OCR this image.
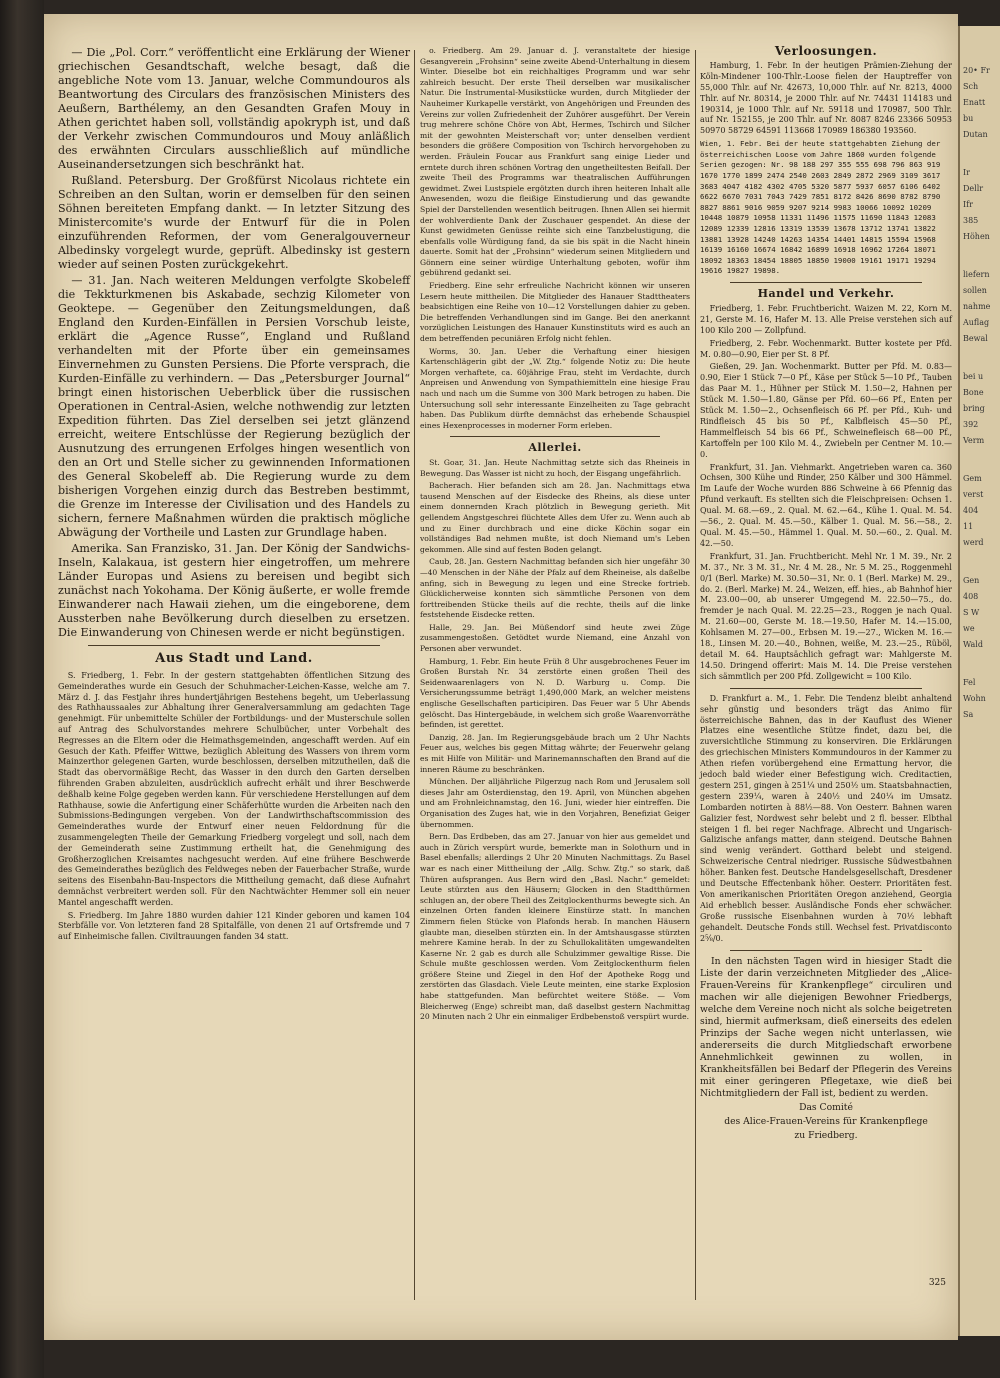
20• Fr
Sch
Enatt
bu
Dutan
Ir
Dellr
Ifr
385
Höhen
liefern
sollen
nahme
Auflag
Bewal
bei u
Bone
bring
392
Verm
Gem
verst
404
11
werd
Gen
408
S W
we
Wald
Fel
Wohn
Sa

— Die „Pol. Corr.“ veröffentlicht eine Erklärung der Wiener griechischen Gesandtschaft, welche besagt, daß die angebliche Note vom 13. Januar, welche Commundouros als Beantwortung des Circulars des französischen Ministers des Aeußern, Barthélemy, an den Gesandten Grafen Mouy in Athen gerichtet haben soll, vollständig apokryph ist, und daß der Verkehr zwischen Commundouros und Mouy anläßlich des erwähnten Circulars ausschließlich auf mündliche Auseinandersetzungen sich beschränkt hat.

Rußland. Petersburg. Der Großfürst Nicolaus richtete ein Schreiben an den Sultan, worin er demselben für den seinen Söhnen bereiteten Empfang dankt. — In letzter Sitzung des Ministercomite's wurde der Entwurf für die in Polen einzuführenden Reformen, der vom Generalgouverneur Albedinsky vorgelegt wurde, geprüft. Albedinsky ist gestern wieder auf seinen Posten zurückgekehrt.

— 31. Jan. Nach weiteren Meldungen verfolgte Skobeleff die Tekkturkmenen bis Askabade, sechzig Kilometer von Geoktepe. — Gegenüber den Zeitungsmeldungen, daß England den Kurden-Einfällen in Persien Vorschub leiste, erklärt die „Agence Russe“, England und Rußland verhandelten mit der Pforte über ein gemeinsames Einvernehmen zu Gunsten Persiens. Die Pforte versprach, die Kurden-Einfälle zu verhindern. — Das „Petersburger Journal“ bringt einen historischen Ueberblick über die russischen Operationen in Central-Asien, welche nothwendig zur letzten Expedition führten. Das Ziel derselben sei jetzt glänzend erreicht, weitere Entschlüsse der Regierung bezüglich der Ausnutzung des errungenen Erfolges hingen wesentlich von den an Ort und Stelle sicher zu gewinnenden Informationen des General Skobeleff ab. Die Regierung wurde zu dem bisherigen Vorgehen einzig durch das Bestreben bestimmt, die Grenze im Interesse der Civilisation und des Handels zu sichern, fernere Maßnahmen würden die praktisch mögliche Abwägung der Vortheile und Lasten zur Grundlage haben.

Amerika. San Franzisko, 31. Jan. Der König der Sandwichs-Inseln, Kalakaua, ist gestern hier eingetroffen, um mehrere Länder Europas und Asiens zu bereisen und begibt sich zunächst nach Yokohama. Der König äußerte, er wolle fremde Einwanderer nach Hawaii ziehen, um die eingeborene, dem Aussterben nahe Bevölkerung durch dieselben zu ersetzen. Die Einwanderung von Chinesen werde er nicht begünstigen.

Aus Stadt und Land.

S. Friedberg, 1. Febr. In der gestern stattgehabten öffentlichen Sitzung des Gemeinderathes wurde ein Gesuch der Schuhmacher-Leichen-Kasse, welche am 7. März d. J. das Festjahr ihres hundertjährigen Bestehens begeht, um Ueberlassung des Rathhaussaales zur Abhaltung ihrer Generalversammlung am gedachten Tage genehmigt. Für unbemittelte Schüler der Fortbildungs- und der Musterschule sollen auf Antrag des Schulvorstandes mehrere Schulbücher, unter Vorbehalt des Regresses an die Eltern oder die Heimathsgemeinden, angeschafft werden. Auf ein Gesuch der Kath. Pfeiffer Wittwe, bezüglich Ableitung des Wassers von ihrem vorm Mainzerthor gelegenen Garten, wurde beschlossen, derselben mitzutheilen, daß die Stadt das obervormäßige Recht, das Wasser in den durch den Garten derselben führenden Graben abzuleiten, ausdrücklich aufrecht erhält und ihrer Beschwerde deßhalb keine Folge gegeben werden kann. Für verschiedene Herstellungen auf dem Rathhause, sowie die Anfertigung einer Schäferhütte wurden die Arbeiten nach den Submissions-Bedingungen vergeben. Von der Landwirthschaftscommission des Gemeinderathes wurde der Entwurf einer neuen Feldordnung für die zusammengelegten Theile der Gemarkung Friedberg vorgelegt und soll, nach dem der Gemeinderath seine Zustimmung ertheilt hat, die Genehmigung des Großherzoglichen Kreisamtes nachgesucht werden. Auf eine frühere Beschwerde des Gemeinderathes bezüglich des Feldweges neben der Fauerbacher Straße, wurde seitens des Eisenbahn-Bau-Inspectors die Mittheilung gemacht, daß diese Aufnahrt demnächst verbreitert werden soll. Für den Nachtwächter Hemmer soll ein neuer Mantel angeschafft werden.

S. Friedberg. Im Jahre 1880 wurden dahier 121 Kinder geboren und kamen 104 Sterbfälle vor. Von letzteren fand 28 Spitalfälle, von denen 21 auf Ortsfremde und 7 auf Einheimische fallen. Civiltrauungen fanden 34 statt.

o. Friedberg. Am 29. Januar d. J. veranstaltete der hiesige Gesangverein „Frohsinn“ seine zweite Abend-Unterhaltung in diesem Winter. Dieselbe bot ein reichhaltiges Programm und war sehr zahlreich besucht. Der erste Theil derselben war musikalischer Natur. Die Instrumental-Musikstücke wurden, durch Mitglieder der Nauheimer Kurkapelle verstärkt, von Angehörigen und Freunden des Vereins zur vollen Zufriedenheit der Zuhörer ausgeführt. Der Verein trug mehrere schöne Chöre von Abt, Hermes, Tschirch und Silcher mit der gewohnten Meisterschaft vor; unter denselben verdient besonders die größere Composition von Tschirch hervorgehoben zu werden. Fräulein Foucar aus Frankfurt sang einige Lieder und erntete durch ihren schönen Vortrag den ungetheiltesten Beifall. Der zweite Theil des Programms war theatralischen Aufführungen gewidmet. Zwei Lustspiele ergötzten durch ihren heiteren Inhalt alle Anwesenden, wozu die fleißige Einstudierung und das gewandte Spiel der Darstellenden wesentlich beitrugen. Ihnen Allen sei hiermit der wohlverdiente Dank der Zuschauer gespendet. An diese der Kunst gewidmeten Genüsse reihte sich eine Tanzbelustigung, die ebenfalls volle Würdigung fand, da sie bis spät in die Nacht hinein dauerte. Somit hat der „Frohsinn“ wiederum seinen Mitgliedern und Gönnern eine seiner würdige Unterhaltung geboten, wofür ihm gebührend gedankt sei.

Friedberg. Eine sehr erfreuliche Nachricht können wir unseren Lesern heute mittheilen. Die Mitglieder des Hanauer Stadttheaters beabsichtigen eine Reihe von 10—12 Vorstellungen dahier zu geben. Die betreffenden Verhandlungen sind im Gange. Bei den anerkannt vorzüglichen Leistungen des Hanauer Kunstinstituts wird es auch an dem betreffenden pecuniären Erfolg nicht fehlen.

Worms, 30. Jan. Ueber die Verhaftung einer hiesigen Kartenschlägerin gibt der „W. Ztg.“ folgende Notiz zu: Die heute Morgen verhaftete, ca. 60jährige Frau, steht im Verdachte, durch Anpreisen und Anwendung von Sympathiemitteln eine hiesige Frau nach und nach um die Summe von 300 Mark betrogen zu haben. Die Untersuchung soll sehr interessante Einzelheiten zu Tage gebracht haben. Das Publikum dürfte demnächst das erhebende Schauspiel eines Hexenprocesses in moderner Form erleben.

Allerlei.

St. Goar, 31. Jan. Heute Nachmittag setzte sich das Rheineis in Bewegung. Das Wasser ist nicht zu hoch, der Eisgang ungefährlich.

Bacherach. Hier befanden sich am 28. Jan. Nachmittags etwa tausend Menschen auf der Eisdecke des Rheins, als diese unter einem donnernden Krach plötzlich in Bewegung gerieth. Mit gellendem Angstgeschrei flüchtete Alles dem Ufer zu. Wenn auch ab und zu Einer durchbrach und eine dicke Köchin sogar ein vollständiges Bad nehmen mußte, ist doch Niemand um's Leben gekommen. Alle sind auf festen Boden gelangt.

Caub, 28. Jan. Gestern Nachmittag befanden sich hier ungefähr 30—40 Menschen in der Nähe der Pfalz auf dem Rheineise, als daßelbe anfing, sich in Bewegung zu legen und eine Strecke fortrieb. Glücklicherweise konnten sich sämmtliche Personen von dem forttreibenden Stücke theils auf die rechte, theils auf die linke feststehende Eisdecke retten.

Halle, 29. Jan. Bei Müßendorf sind heute zwei Züge zusammengestoßen. Getödtet wurde Niemand, eine Anzahl von Personen aber verwundet.

Hamburg, 1. Febr. Ein heute Früh 8 Uhr ausgebrochenes Feuer im Großen Burstah Nr. 34 zerstörte einen großen Theil des Seidenwaarenlagers von N. D. Warburg u. Comp. Die Versicherungssumme beträgt 1,490,000 Mark, an welcher meistens englische Gesellschaften participiren. Das Feuer war 5 Uhr Abends gelöscht. Das Hintergebäude, in welchem sich große Waarenvorräthe befinden, ist gerettet.

Danzig, 28. Jan. Im Regierungsgebäude brach um 2 Uhr Nachts Feuer aus, welches bis gegen Mittag währte; der Feuerwehr gelang es mit Hilfe von Militär- und Marinemannschaften den Brand auf die inneren Räume zu beschränken.

München. Der alljährliche Pilgerzug nach Rom und Jerusalem soll dieses Jahr am Osterdienstag, den 19. April, von München abgehen und am Frohnleichnamstag, den 16. Juni, wieder hier eintreffen. Die Organisation des Zuges hat, wie in den Vorjahren, Benefiziat Geiger übernommen.

Bern. Das Erdbeben, das am 27. Januar von hier aus gemeldet und auch in Zürich verspürt wurde, bemerkte man in Solothurn und in Basel ebenfalls; allerdings 2 Uhr 20 Minuten Nachmittags. Zu Basel war es nach einer Mittheilung der „Allg. Schw. Ztg.“ so stark, daß Thüren aufsprangen. Aus Bern wird den „Basl. Nachr.“ gemeldet: Leute stürzten aus den Häusern; Glocken in den Stadtthürmen schlugen an, der obere Theil des Zeitglockenthurms bewegte sich. An einzelnen Orten fanden kleinere Einstürze statt. In manchen Zimmern fielen Stücke von Plafonds herab. In manchen Häusern glaubte man, dieselben stürzten ein. In der Amtshausgasse stürzten mehrere Kamine herab. In der zu Schullokalitäten umgewandelten Kaserne Nr. 2 gab es durch alle Schulzimmer gewaltige Risse. Die Schule mußte geschlossen werden. Vom Zeitglockenthurm fielen größere Steine und Ziegel in den Hof der Apotheke Rogg und zerstörten das Glasdach. Viele Leute meinten, eine starke Explosion habe stattgefunden. Man befürchtet weitere Stöße. — Vom Bleicherweg (Enge) schreibt man, daß daselbst gestern Nachmittag 20 Minuten nach 2 Uhr ein einmaliger Erdbebenstoß verspürt wurde.

Verloosungen.

Hamburg, 1. Febr. In der heutigen Prämien-Ziehung der Köln-Mindener 100-Thlr.-Loose fielen der Hauptreffer von 55,000 Thlr. auf Nr. 42673, 10,000 Thlr. auf Nr. 8213, 4000 Thlr. auf Nr. 80314, je 2000 Thlr. auf Nr. 74431 114183 und 190314, je 1000 Thlr. auf Nr. 59118 und 170987, 500 Thlr. auf Nr. 152155, je 200 Thlr. auf Nr. 8087 8246 23366 50953 50970 58729 64591 113668 170989 186380 193560.

Wien, 1. Febr. Bei der heute stattgehabten Ziehung der österreichischen Loose vom Jahre 1860 wurden folgende Serien gezogen: Nr. 98 188 297 355 555 698 796 863 919 1670 1770 1899 2474 2540 2603 2849 2872 2969 3109 3617 3683 4047 4182 4302 4705 5320 5877 5937 6057 6106 6402 6622 6670 7031 7043 7429 7851 8172 8426 8690 8782 8790 8827 8861 9016 9059 9207 9214 9983 10066 10092 10209 10448 10879 10958 11331 11496 11575 11690 11843 12083 12089 12339 12816 13319 13539 13678 13712 13741 13822 13881 13928 14240 14263 14354 14401 14815 15594 15968 16139 16160 16674 16842 16899 16918 16962 17264 18071 18092 18363 18454 18805 18850 19000 19161 19171 19294 19616 19827 19898.

Handel und Verkehr.

Friedberg, 1. Febr. Fruchtbericht. Waizen M. 22, Korn M. 21, Gerste M. 16, Hafer M. 13. Alle Preise verstehen sich auf 100 Kilo 200 — Zollpfund.

Friedberg, 2. Febr. Wochenmarkt. Butter kostete per Pfd. M. 0.80—0.90, Eier per St. 8 Pf.

Gießen, 29. Jan. Wochenmarkt. Butter per Pfd. M. 0.83—0.90, Eier 1 Stück 7—0 Pf., Käse per Stück 5—10 Pf., Tauben das Paar M. 1., Hühner per Stück M. 1.50—2, Hahnen per Stück M. 1.50—1.80, Gänse per Pfd. 60—66 Pf., Enten per Stück M. 1.50—2., Ochsenfleisch 66 Pf. per Pfd., Kuh- und Rindfleisch 45 bis 50 Pf., Kalbfleisch 45—50 Pf., Hammelfleisch 54 bis 66 Pf., Schweinefleisch 68—00 Pf., Kartoffeln per 100 Kilo M. 4., Zwiebeln per Centner M. 10.—0.

Frankfurt, 31. Jan. Viehmarkt. Angetrieben waren ca. 360 Ochsen, 300 Kühe und Rinder, 250 Kälber und 300 Hämmel. Im Laufe der Woche wurden 886 Schweine à 66 Pfennig das Pfund verkauft. Es stellten sich die Fleischpreisen: Ochsen 1. Qual. M. 68.—69., 2. Qual. M. 62.—64., Kühe 1. Qual. M. 54.—56., 2. Qual. M. 45.—50., Kälber 1. Qual. M. 56.—58., 2. Qual. M. 45.—50., Hämmel 1. Qual. M. 50.—60., 2. Qual. M. 42.—50.

Frankfurt, 31. Jan. Fruchtbericht. Mehl Nr. 1 M. 39., Nr. 2 M. 37., Nr. 3 M. 31., Nr. 4 M. 28., Nr. 5 M. 25., Roggenmehl 0/1 (Berl. Marke) M. 30.50—31, Nr. 0. 1 (Berl. Marke) M. 29., do. 2. (Berl. Marke) M. 24., Weizen, eff. hies., ab Bahnhof hier M. 23.00—00, ab unserer Umgegend M. 22.50—75., do. fremder je nach Qual. M. 22.25—23., Roggen je nach Qual. M. 21.60—00, Gerste M. 18.—19.50, Hafer M. 14.—15.00, Kohlsamen M. 27—00., Erbsen M. 19.—27., Wicken M. 16.—18., Linsen M. 20.—40., Bohnen, weiße, M. 23.—25., Rüböl, detail M. 64. Hauptsächlich gefragt war: Mahlgerste M. 14.50. Dringend offerirt: Mais M. 14. Die Preise verstehen sich sämmtlich per 200 Pfd. Zollgewicht = 100 Kilo.

D. Frankfurt a. M., 1. Febr. Die Tendenz bleibt anhaltend sehr günstig und besonders trägt das Animo für österreichische Bahnen, das in der Kauflust des Wiener Platzes eine wesentliche Stütze findet, dazu bei, die zuversichtliche Stimmung zu konserviren. Die Erklärungen des griechischen Ministers Kommundouros in der Kammer zu Athen riefen vorübergehend eine Ermattung hervor, die jedoch bald wieder einer Befestigung wich. Creditactien, gestern 251, gingen à 251¼ und 250½ um. Staatsbahnactien, gestern 239¼, waren à 240½ und 240¼ im Umsatz. Lombarden notirten à 88½—88. Von Oesterr. Bahnen waren Galizier fest, Nordwest sehr belebt und 2 fl. besser. Elbthal steigen 1 fl. bei reger Nachfrage. Albrecht und Ungarisch-Galizische anfangs matter, dann steigend. Deutsche Bahnen sind wenig verändert. Gotthard belebt und steigend. Schweizerische Central niedriger. Russische Südwestbahnen höher. Banken fest. Deutsche Handelsgesellschaft, Dresdener und Deutsche Effectenbank höher. Oesterr. Prioritäten fest. Von amerikanischen Prioritäten Oregon anziehend, Georgia Aid erheblich besser. Ausländische Fonds eher schwächer. Große russische Eisenbahnen wurden à 70½ lebhaft gehandelt. Deutsche Fonds still. Wechsel fest. Privatdisconto 2⅝/0.

In den nächsten Tagen wird in hiesiger Stadt die Liste der darin verzeichneten Mitglieder des „Alice-Frauen-Vereins für Krankenpflege“ circuliren und machen wir alle diejenigen Bewohner Friedbergs, welche dem Vereine noch nicht als solche beigetreten sind, hiermit aufmerksam, dieß einerseits des edelen Prinzips der Sache wegen nicht unterlassen, wie andererseits die durch Mitgliedschaft erworbene Annehmlichkeit gewinnen zu wollen, in Krankheitsfällen bei Bedarf der Pflegerin des Vereins mit einer geringeren Pflegetaxe, wie dieß bei Nichtmitgliedern der Fall ist, bedient zu werden.

Das Comité

des Alice-Frauen-Vereins für Krankenpflege

zu Friedberg.

325
